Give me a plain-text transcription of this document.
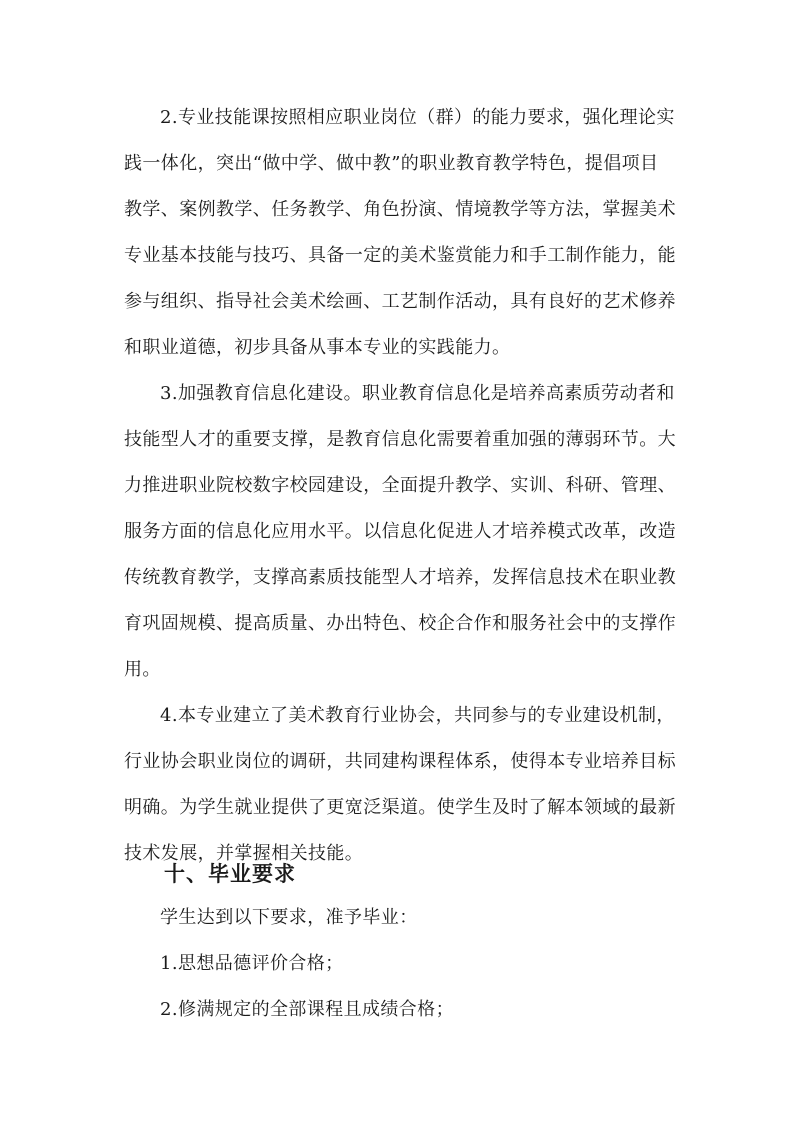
2.专业技能课按照相应职业岗位（群）的能力要求，强化理论实
践一体化，突出“做中学、做中教”的职业教育教学特色，提倡项目
教学、案例教学、任务教学、角色扮演、情境教学等方法，掌握美术
专业基本技能与技巧、具备一定的美术鉴赏能力和手工制作能力，能
参与组织、指导社会美术绘画、工艺制作活动，具有良好的艺术修养
和职业道德，初步具备从事本专业的实践能力。
3.加强教育信息化建设。职业教育信息化是培养高素质劳动者和
技能型人才的重要支撑，是教育信息化需要着重加强的薄弱环节。大
力推进职业院校数字校园建设，全面提升教学、实训、科研、管理、
服务方面的信息化应用水平。以信息化促进人才培养模式改革，改造
传统教育教学，支撑高素质技能型人才培养，发挥信息技术在职业教
育巩固规模、提高质量、办出特色、校企合作和服务社会中的支撑作
用。
4.本专业建立了美术教育行业协会，共同参与的专业建设机制，
行业协会职业岗位的调研，共同建构课程体系，使得本专业培养目标
明确。为学生就业提供了更宽泛渠道。使学生及时了解本领域的最新
技术发展，并掌握相关技能。
十、毕业要求
学生达到以下要求，准予毕业：
1.思想品德评价合格；
2.修满规定的全部课程且成绩合格；
